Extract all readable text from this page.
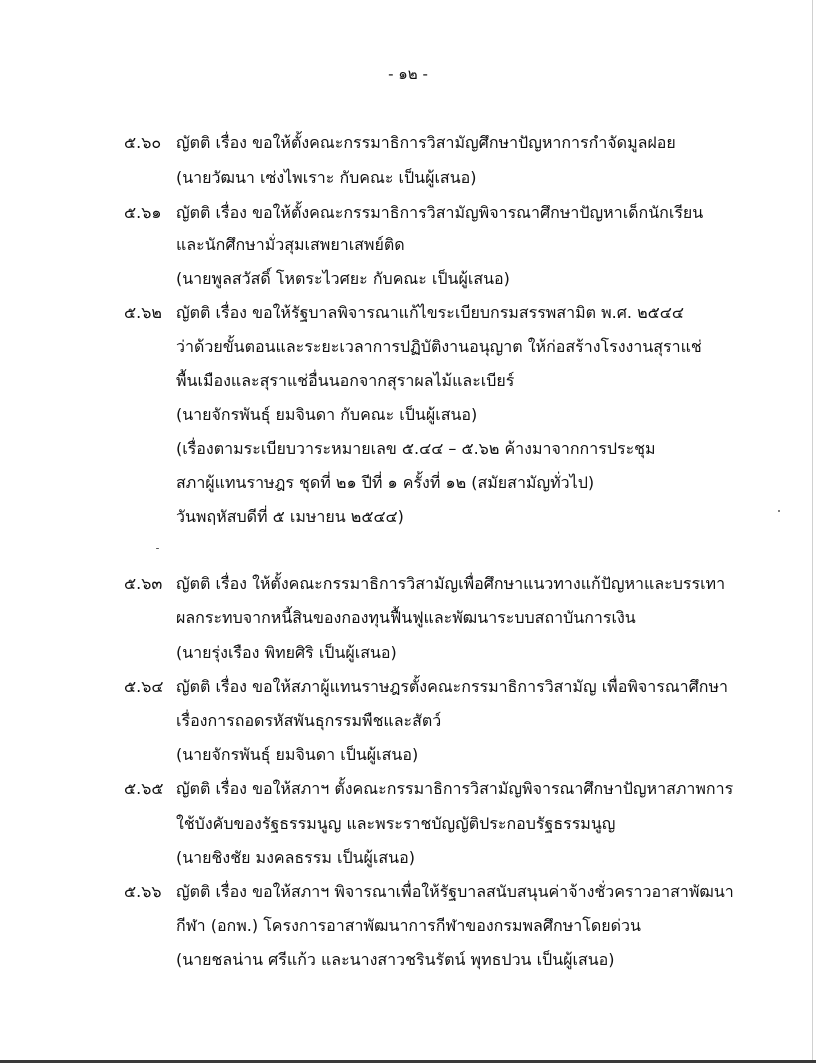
- ๑๒ -
๕.๖๐ ญัตติ เรื่อง ขอให้ตั้งคณะกรรมาธิการวิสามัญศึกษาปัญหาการกำจัดมูลฝอย
(นายวัฒนา เซ่งไพเราะ กับคณะ เป็นผู้เสนอ)
๕.๖๑ ญัตติ เรื่อง ขอให้ตั้งคณะกรรมาธิการวิสามัญพิจารณาศึกษาปัญหาเด็กนักเรียน
และนักศึกษามั่วสุมเสพยาเสพย์ติด
(นายพูลสวัสดิ์ โหตระไวศยะ กับคณะ เป็นผู้เสนอ)
๕.๖๒ ญัตติ เรื่อง ขอให้รัฐบาลพิจารณาแก้ไขระเบียบกรมสรรพสามิต พ.ศ. ๒๕๔๔
ว่าด้วยขั้นตอนและระยะเวลาการปฏิบัติงานอนุญาต ให้ก่อสร้างโรงงานสุราแช่
พื้นเมืองและสุราแช่อื่นนอกจากสุราผลไม้และเบียร์
(นายจักรพันธุ์ ยมจินดา กับคณะ เป็นผู้เสนอ)
(เรื่องตามระเบียบวาระหมายเลข ๕.๔๔ – ๕.๖๒ ค้างมาจากการประชุม
สภาผู้แทนราษฎร ชุดที่ ๒๑ ปีที่ ๑ ครั้งที่ ๑๒ (สมัยสามัญทั่วไป)
วันพฤหัสบดีที่ ๕ เมษายน ๒๕๔๔)
๕.๖๓ ญัตติ เรื่อง ให้ตั้งคณะกรรมาธิการวิสามัญเพื่อศึกษาแนวทางแก้ปัญหาและบรรเทา
ผลกระทบจากหนี้สินของกองทุนฟื้นฟูและพัฒนาระบบสถาบันการเงิน
(นายรุ่งเรือง พิทยศิริ เป็นผู้เสนอ)
๕.๖๔ ญัตติ เรื่อง ขอให้สภาผู้แทนราษฎรตั้งคณะกรรมาธิการวิสามัญ เพื่อพิจารณาศึกษา
เรื่องการถอดรหัสพันธุกรรมพืชและสัตว์
(นายจักรพันธุ์ ยมจินดา เป็นผู้เสนอ)
๕.๖๕ ญัตติ เรื่อง ขอให้สภาฯ ตั้งคณะกรรมาธิการวิสามัญพิจารณาศึกษาปัญหาสภาพการ
ใช้บังคับของรัฐธรรมนูญ และพระราชบัญญัติประกอบรัฐธรรมนูญ
(นายชิงชัย มงคลธรรม เป็นผู้เสนอ)
๕.๖๖ ญัตติ เรื่อง ขอให้สภาฯ พิจารณาเพื่อให้รัฐบาลสนับสนุนค่าจ้างชั่วคราวอาสาพัฒนา
กีฬา (อกพ.) โครงการอาสาพัฒนาการกีฬาของกรมพลศึกษาโดยด่วน
(นายชลน่าน ศรีแก้ว และนางสาวชรินรัตน์ พุทธปวน เป็นผู้เสนอ)
